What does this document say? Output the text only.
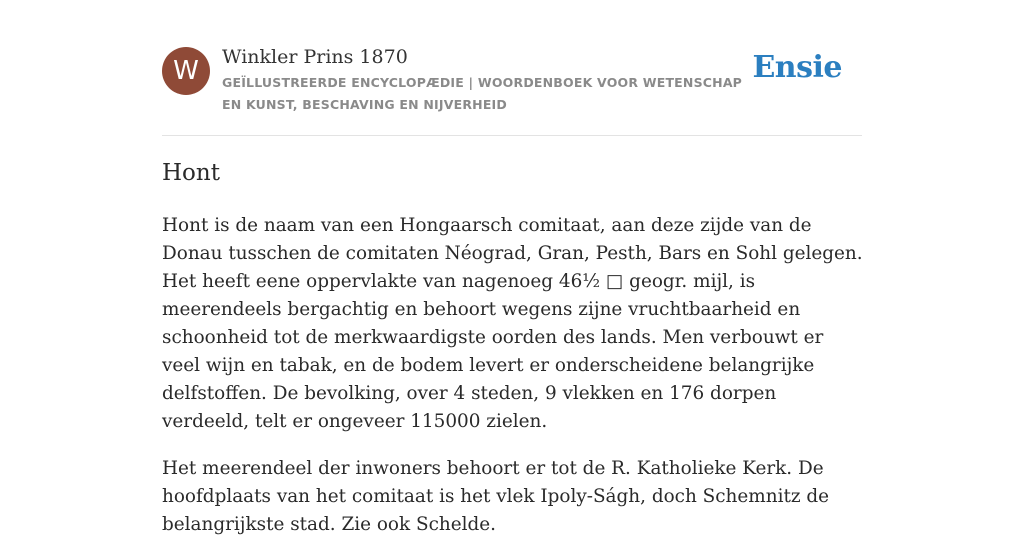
W	Winkler Prins 1870
GEÏLLUSTREERDE ENCYCLOPÆDIE | WOORDENBOEK VOOR WETENSCHAP EN KUNST, BESCHAVING EN NIJVERHEID
Ensie
Hont

Hont is de naam van een Hongaarsch comitaat, aan deze zijde van de Donau tusschen de comitaten Néograd, Gran, Pesth, Bars en Sohl gelegen. Het heeft eene oppervlakte van nagenoeg 46½ □ geogr. mijl, is meerendeels bergachtig en behoort wegens zijne vruchtbaarheid en schoonheid tot de merkwaardigste oorden des lands. Men verbouwt er veel wijn en tabak, en de bodem levert er onderscheidene belangrijke delfstoffen. De bevolking, over 4 steden, 9 vlekken en 176 dorpen verdeeld, telt er ongeveer 115000 zielen.

Het meerendeel der inwoners behoort er tot de R. Katholieke Kerk. De hoofdplaats van het comitaat is het vlek Ipoly-Ságh, doch Schemnitz de belangrijkste stad. Zie ook Schelde.
